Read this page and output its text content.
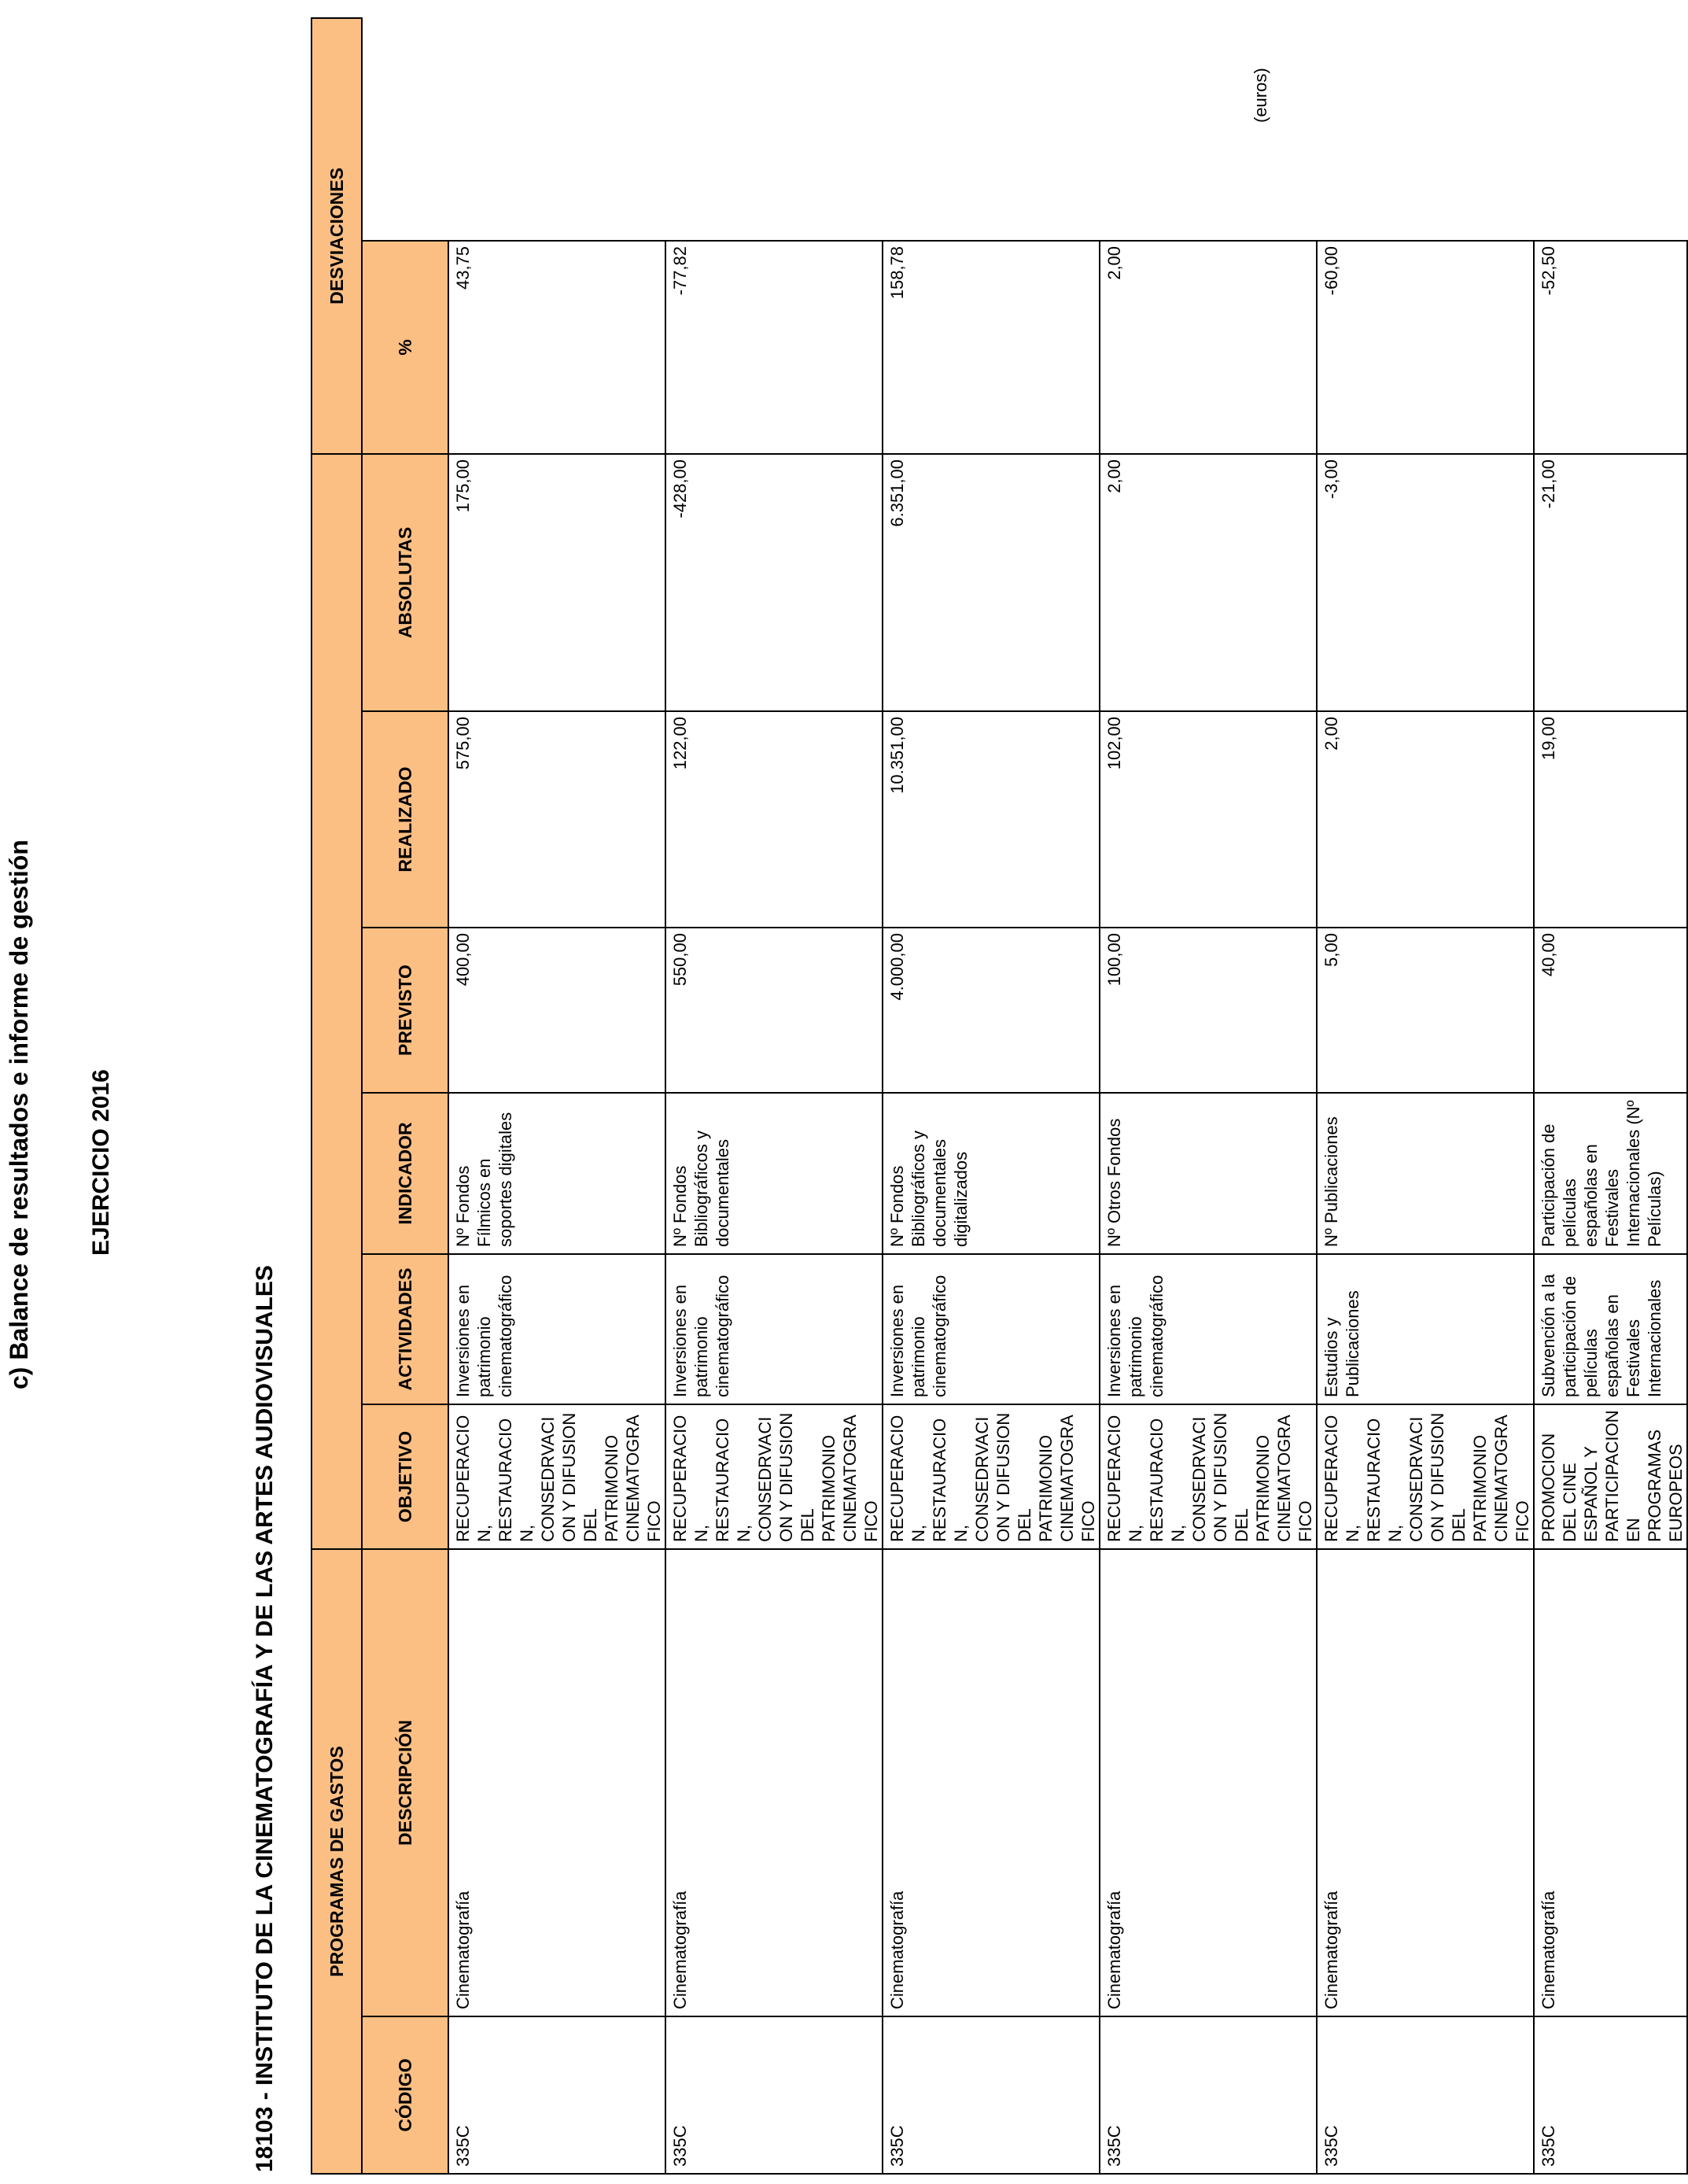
c) Balance de resultados e informe de gestión EJERCICIO 2016
18103 - INSTITUTO DE LA CINEMATOGRAFÍA Y DE LAS ARTES AUDIOVISUALES
(euros)
PROGRAMAS DE GASTOS								DESVIACIONES
CÓDIGO	DESCRIPCIÓN	OBJETIVO	ACTIVIDADES	INDICADOR	PREVISTO	REALIZADO	ABSOLUTAS	%
335C	Cinematografía	RECUPERACION, RESTAURACION, CONSEDRVACION Y DIFUSION DEL PATRIMONIO CINEMATOGRAFICO	Inversiones en patrimonio cinematográfico	Nº Fondos Fílmicos en soportes digitales	400,00	575,00	175,00	43,75
335C	Cinematografía	RECUPERACION, RESTAURACION, CONSEDRVACION Y DIFUSION DEL PATRIMONIO CINEMATOGRAFICO	Inversiones en patrimonio cinematográfico	Nº Fondos Bibliográficos y documentales	550,00	122,00	-428,00	-77,82
335C	Cinematografía	RECUPERACION, RESTAURACION, CONSEDRVACION Y DIFUSION DEL PATRIMONIO CINEMATOGRAFICO	Inversiones en patrimonio cinematográfico	Nº Fondos Bibliográficos y documentales digitalizados	4.000,00	10.351,00	6.351,00	158,78
335C	Cinematografía	RECUPERACION, RESTAURACION, CONSEDRVACION Y DIFUSION DEL PATRIMONIO CINEMATOGRAFICO	Inversiones en patrimonio cinematográfico	Nº Otros Fondos	100,00	102,00	2,00	2,00
335C	Cinematografía	RECUPERACION, RESTAURACION, CONSEDRVACION Y DIFUSION DEL PATRIMONIO CINEMATOGRAFICO	Estudios y Publicaciones	Nº Publicaciones	5,00	2,00	-3,00	-60,00
335C	Cinematografía	PROMOCION DEL CINE ESPAÑOL Y PARTICIPACION EN PROGRAMAS EUROPEOS	Subvención a la participación de películas españolas en Festivales Internacionales	Participación de películas españolas en Festivales Internacionales (Nº Películas)	40,00	19,00	-21,00	-52,50
